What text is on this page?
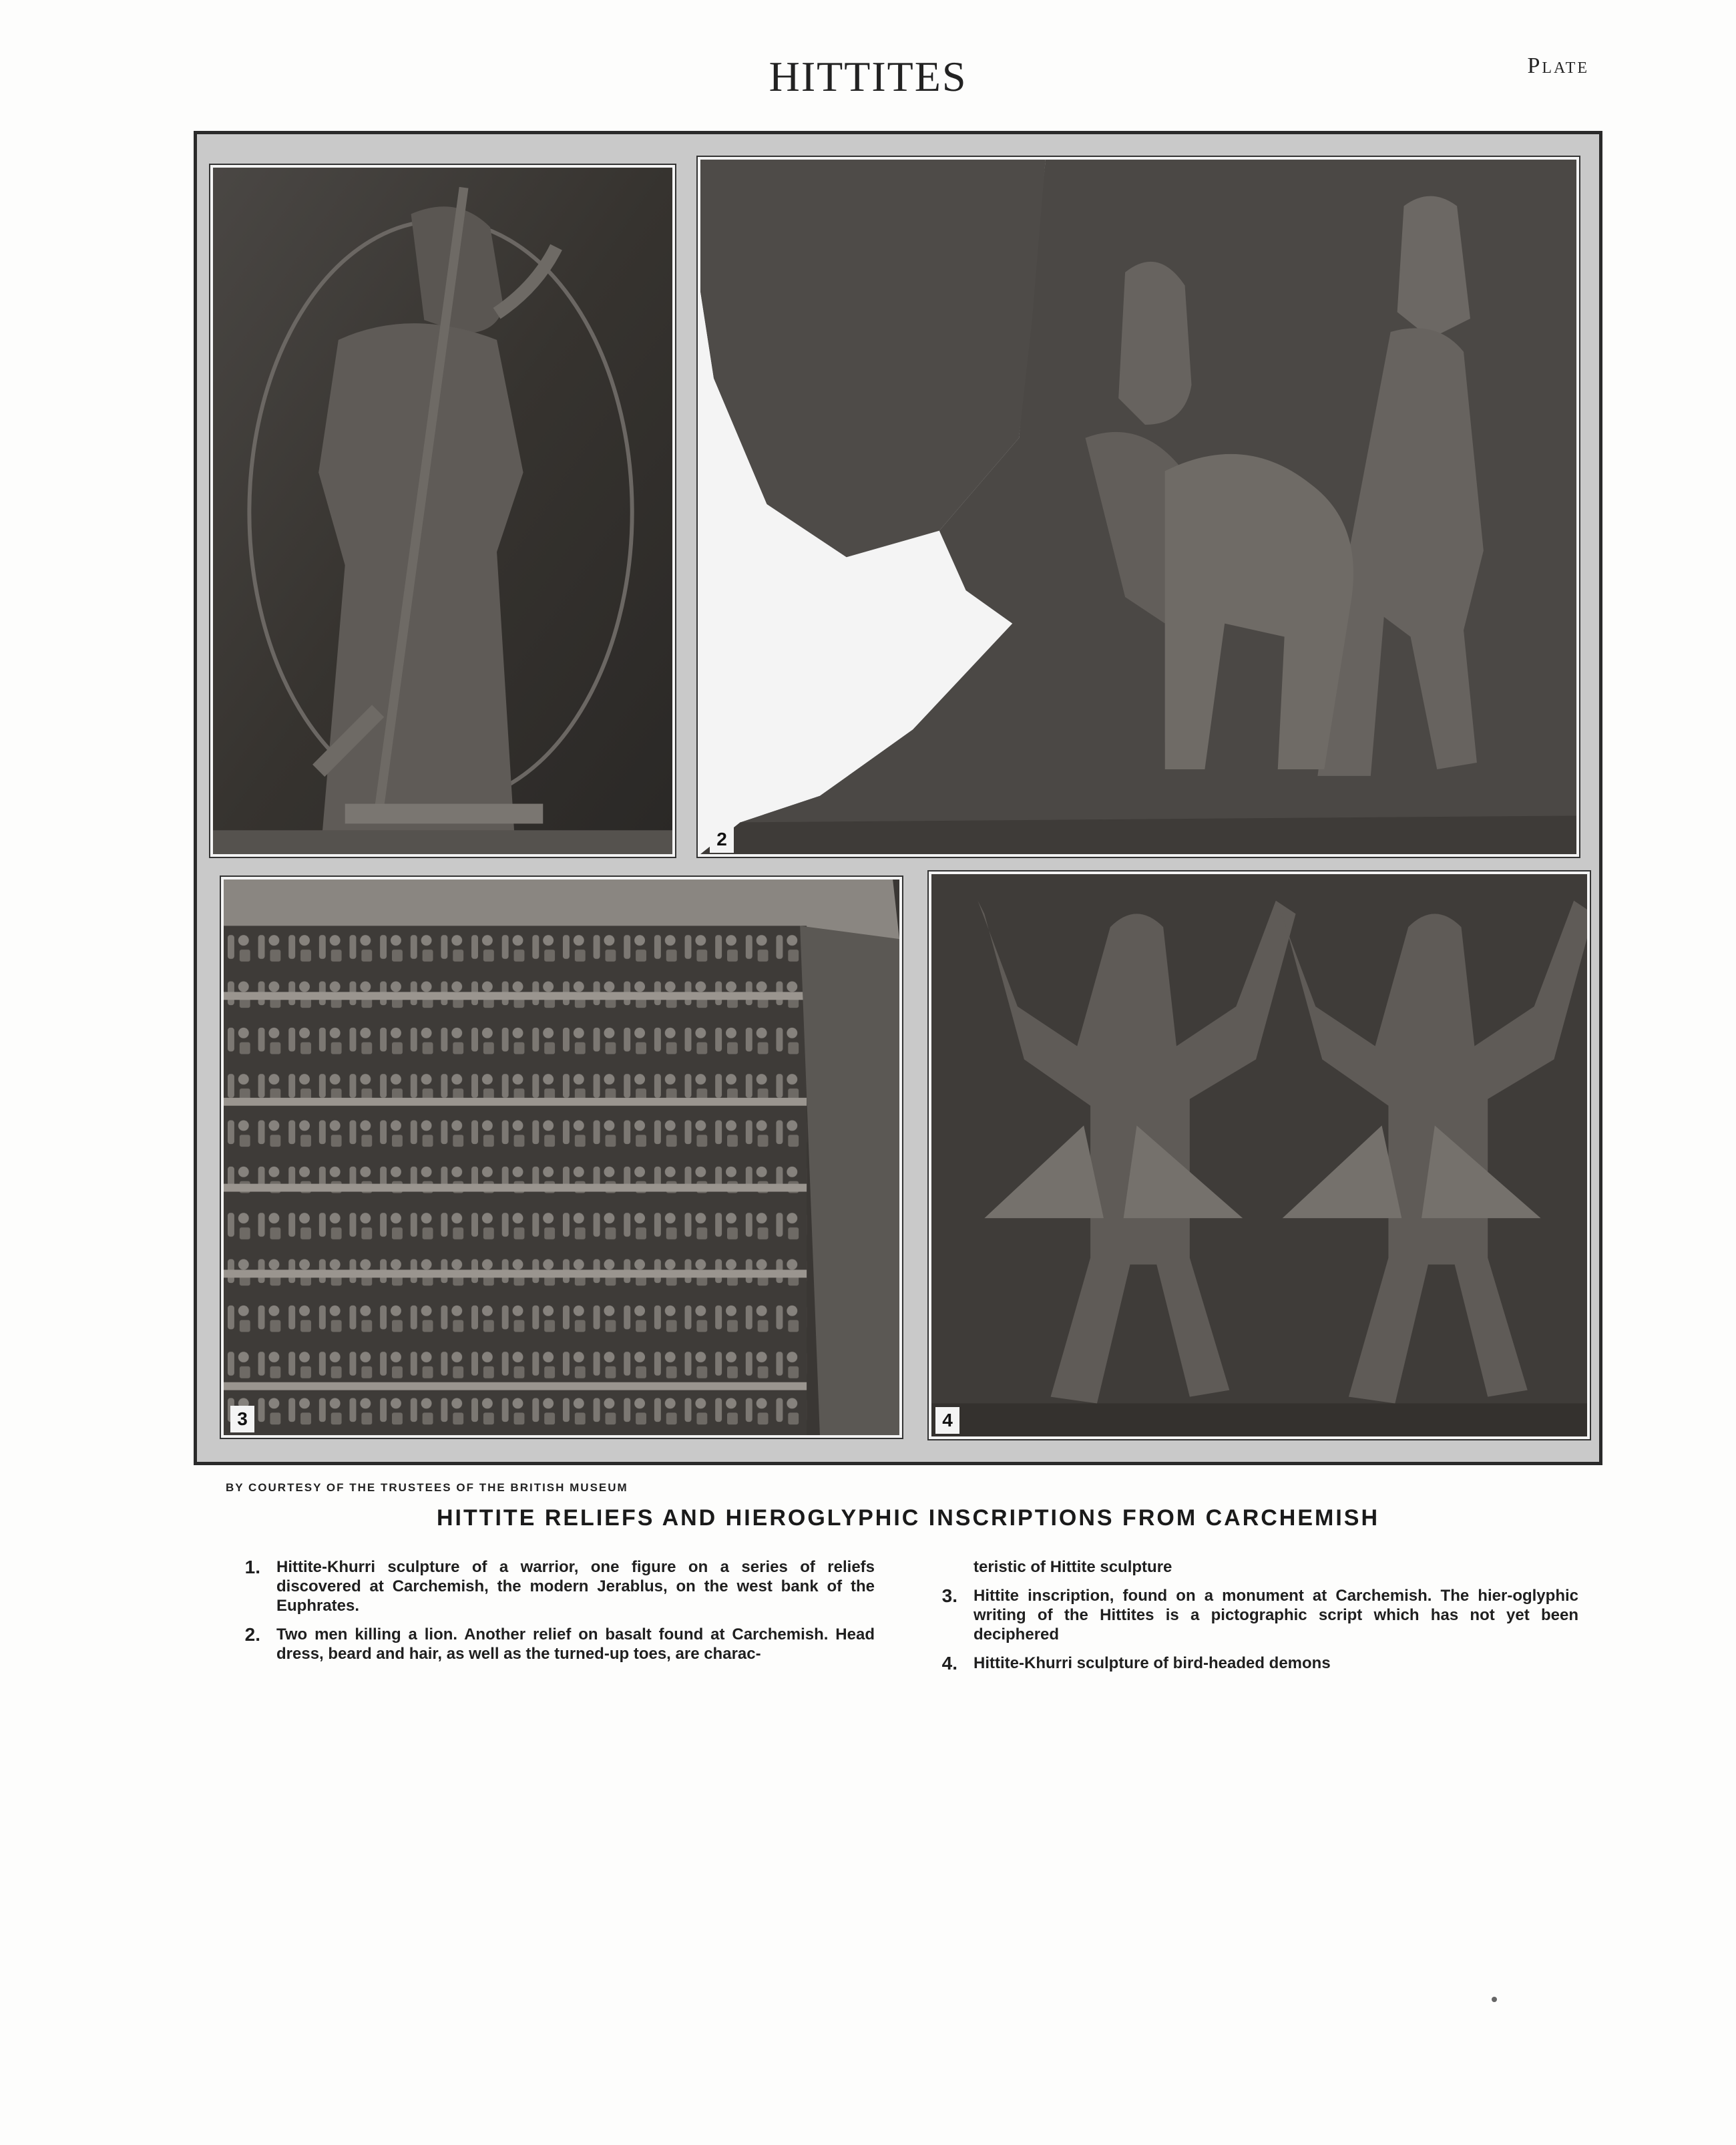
HITTITES	Plate
2
3	4
BY COURTESY OF THE TRUSTEES OF THE BRITISH MUSEUM
HITTITE RELIEFS AND HIEROGLYPHIC INSCRIPTIONS FROM CARCHEMISH
1. Hittite-Khurri sculpture of a warrior, one figure on a series of reliefs discovered at Carchemish, the modern Jerablus, on the west bank of the Euphrates.
2. Two men killing a lion. Another relief on basalt found at Carchemish. Head dress, beard and hair, as well as the turned-up toes, are charac-
teristic of Hittite sculpture
3. Hittite inscription, found on a monument at Carchemish. The hier-oglyphic writing of the Hittites is a pictographic script which has not yet been deciphered
4. Hittite-Khurri sculpture of bird-headed demons
